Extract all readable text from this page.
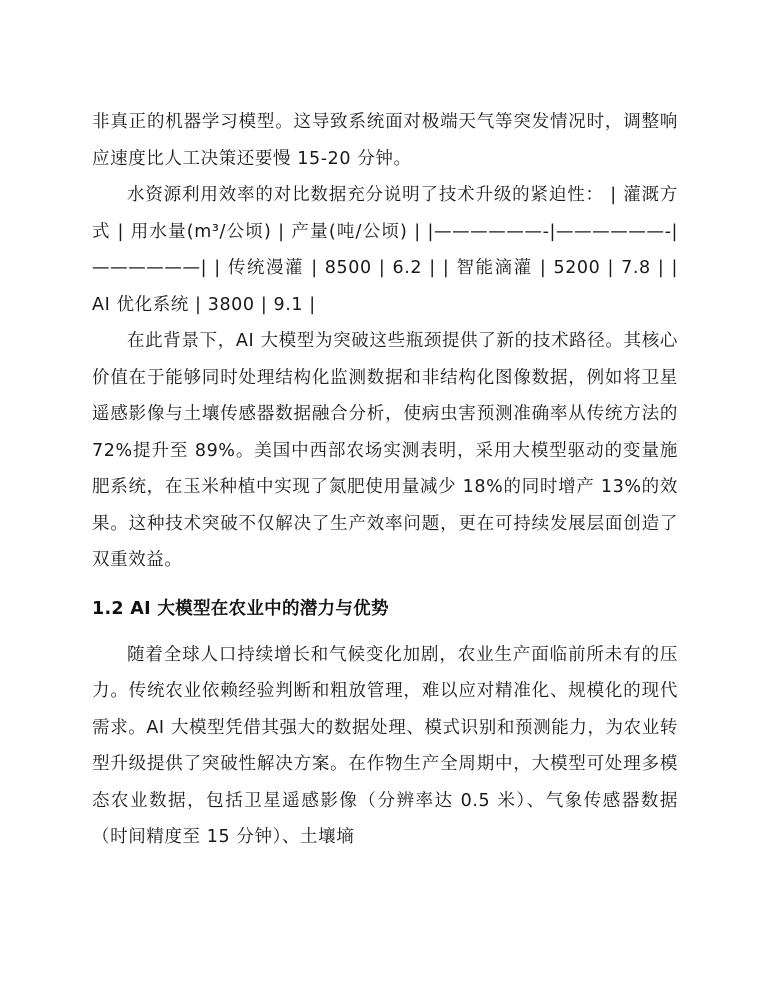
非真正的机器学习模型。这导致系统面对极端天气等突发情况时，调整响应速度比人工决策还要慢 15-20 分钟。

水资源利用效率的对比数据充分说明了技术升级的紧迫性： | 灌溉方式 | 用水量(m³/公顷) | 产量(吨/公顷) | |——————-|——————-|——————| | 传统漫灌 | 8500 | 6.2 | | 智能滴灌 | 5200 | 7.8 | | AI 优化系统 | 3800 | 9.1 |

在此背景下，AI 大模型为突破这些瓶颈提供了新的技术路径。其核心价值在于能够同时处理结构化监测数据和非结构化图像数据，例如将卫星遥感影像与土壤传感器数据融合分析，使病虫害预测准确率从传统方法的72%提升至 89%。美国中西部农场实测表明，采用大模型驱动的变量施肥系统，在玉米种植中实现了氮肥使用量减少 18%的同时增产 13%的效果。这种技术突破不仅解决了生产效率问题，更在可持续发展层面创造了双重效益。

1.2 AI 大模型在农业中的潜力与优势

随着全球人口持续增长和气候变化加剧，农业生产面临前所未有的压力。传统农业依赖经验判断和粗放管理，难以应对精准化、规模化的现代需求。AI 大模型凭借其强大的数据处理、模式识别和预测能力，为农业转型升级提供了突破性解决方案。在作物生产全周期中，大模型可处理多模态农业数据，包括卫星遥感影像（分辨率达 0.5 米）、气象传感器数据（时间精度至 15 分钟）、土壤墒
